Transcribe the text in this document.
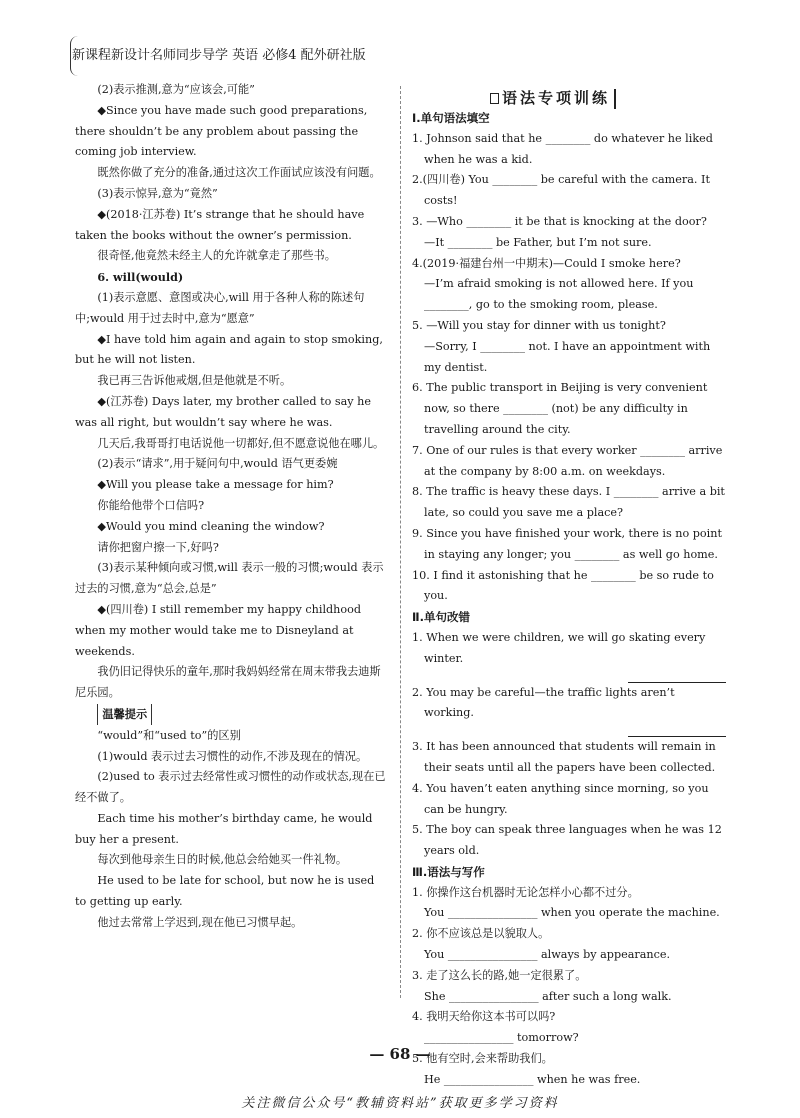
新课程新设计名师同步导学 英语 必修4 配外研社版

(2)表示推测,意为“应该会,可能”

◆Since you have made such good preparations, there shouldn’t be any problem about passing the coming job interview.

既然你做了充分的准备,通过这次工作面试应该没有问题。

(3)表示惊异,意为“竟然”

◆(2018·江苏卷) It’s strange that he should have taken the books without the owner’s permission.

很奇怪,他竟然未经主人的允许就拿走了那些书。

6. will(would)

(1)表示意愿、意图或决心,will 用于各种人称的陈述句中;would 用于过去时中,意为“愿意”

◆I have told him again and again to stop smoking, but he will not listen.

我已再三告诉他戒烟,但是他就是不听。

◆(江苏卷) Days later, my brother called to say he was all right, but wouldn’t say where he was.

几天后,我哥哥打电话说他一切都好,但不愿意说他在哪儿。

(2)表示“请求”,用于疑问句中,would 语气更委婉

◆Will you please take a message for him?

你能给他带个口信吗?

◆Would you mind cleaning the window?

请你把窗户擦一下,好吗?

(3)表示某种倾向或习惯,will 表示一般的习惯;would 表示过去的习惯,意为“总会,总是”

◆(四川卷) I still remember my happy childhood when my mother would take me to Disneyland at weekends.

我仍旧记得快乐的童年,那时我妈妈经常在周末带我去迪斯尼乐园。

温馨提示

“would”和“used to”的区别

(1)would 表示过去习惯性的动作,不涉及现在的情况。

(2)used to 表示过去经常性或习惯性的动作或状态,现在已经不做了。

Each time his mother’s birthday came, he would buy her a present.

每次到他母亲生日的时候,他总会给她买一件礼物。

He used to be late for school, but now he is used to getting up early.

他过去常常上学迟到,现在他已习惯早起。

语法专项训练

Ⅰ.单句语法填空

1. Johnson said that he ________ do whatever he liked when he was a kid.

2.(四川卷) You ________ be careful with the camera. It costs!

3. —Who ________ it be that is knocking at the door?

—It ________ be Father, but I’m not sure.

4.(2019·福建台州一中期末)—Could I smoke here?

—I’m afraid smoking is not allowed here. If you ________, go to the smoking room, please.

5. —Will you stay for dinner with us tonight?

—Sorry, I ________ not. I have an appointment with my dentist.

6. The public transport in Beijing is very convenient now, so there ________ (not) be any difficulty in travelling around the city.

7. One of our rules is that every worker ________ arrive at the company by 8:00 a.m. on weekdays.

8. The traffic is heavy these days. I ________ arrive a bit late, so could you save me a place?

9. Since you have finished your work, there is no point in staying any longer; you ________ as well go home.

10. I find it astonishing that he ________ be so rude to you.

Ⅱ.单句改错

1. When we were children, we will go skating every winter.

2. You may be careful—the traffic lights aren’t working.

3. It has been announced that students will remain in their seats until all the papers have been collected.

4. You haven’t eaten anything since morning, so you can be hungry.

5. The boy can speak three languages when he was 12 years old.

Ⅲ.语法与写作

1. 你操作这台机器时无论怎样小心都不过分。

You ________________ when you operate the machine.

2. 你不应该总是以貌取人。

You ________________ always by appearance.

3. 走了这么长的路,她一定很累了。

She ________________ after such a long walk.

4. 我明天给你这本书可以吗?

________________ tomorrow?

5. 他有空时,会来帮助我们。

He ________________ when he was free.

— 68 —
关注微信公众号“教辅资料站”获取更多学习资料
